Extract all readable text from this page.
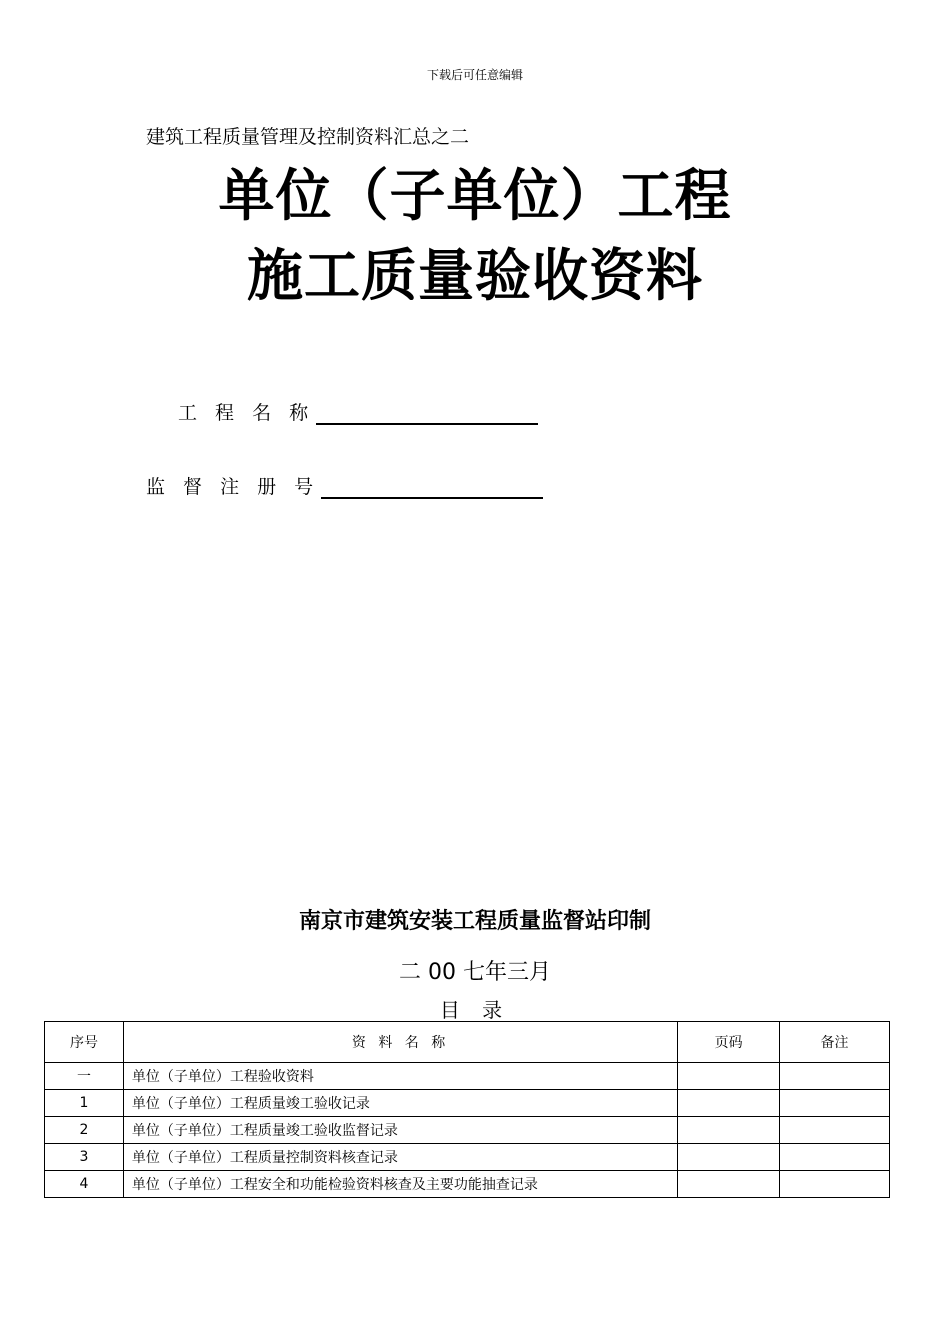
下载后可任意编辑
建筑工程质量管理及控制资料汇总之二
单位（子单位）工程
施工质量验收资料
工 程 名 称
监 督 注 册 号
南京市建筑安装工程质量监督站印制
二 00 七年三月
目 录
序号	资 料 名 称	页码	备注
一	单位（子单位）工程验收资料		
1	单位（子单位）工程质量竣工验收记录		
2	单位（子单位）工程质量竣工验收监督记录		
3	单位（子单位）工程质量控制资料核查记录		
4	单位（子单位）工程安全和功能检验资料核查及主要功能抽查记录		
